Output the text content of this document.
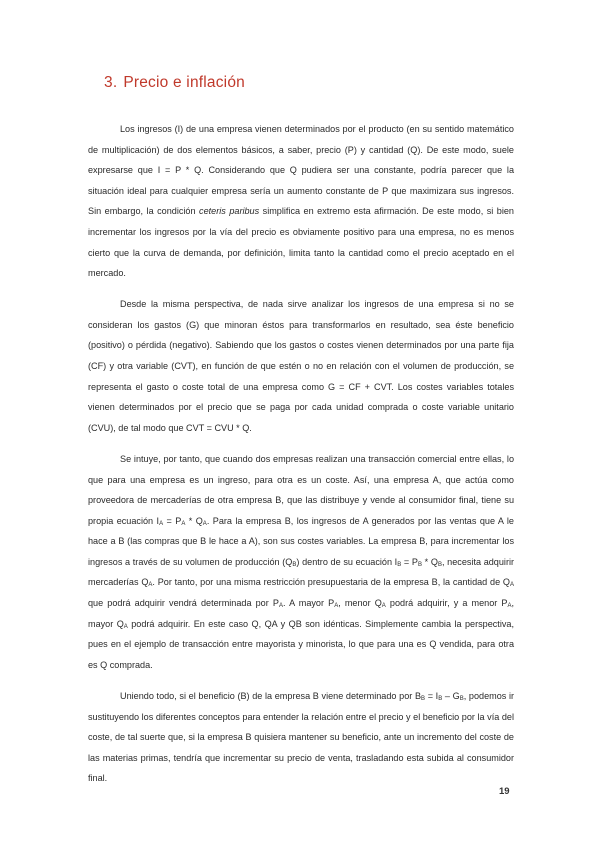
3. Precio e inflación

Los ingresos (I) de una empresa vienen determinados por el producto (en su sentido matemático de multiplicación) de dos elementos básicos, a saber, precio (P) y cantidad (Q). De este modo, suele expresarse que I = P * Q. Considerando que Q pudiera ser una constante, podría parecer que la situación ideal para cualquier empresa sería un aumento constante de P que maximizara sus ingresos. Sin embargo, la condición ceteris paribus simplifica en extremo esta afirmación. De este modo, si bien incrementar los ingresos por la vía del precio es obviamente positivo para una empresa, no es menos cierto que la curva de demanda, por definición, limita tanto la cantidad como el precio aceptado en el mercado.

Desde la misma perspectiva, de nada sirve analizar los ingresos de una empresa si no se consideran los gastos (G) que minoran éstos para transformarlos en resultado, sea éste beneficio (positivo) o pérdida (negativo). Sabiendo que los gastos o costes vienen determinados por una parte fija (CF) y otra variable (CVT), en función de que estén o no en relación con el volumen de producción, se representa el gasto o coste total de una empresa como G = CF + CVT. Los costes variables totales vienen determinados por el precio que se paga por cada unidad comprada o coste variable unitario (CVU), de tal modo que CVT = CVU * Q.

Se intuye, por tanto, que cuando dos empresas realizan una transacción comercial entre ellas, lo que para una empresa es un ingreso, para otra es un coste. Así, una empresa A, que actúa como proveedora de mercaderías de otra empresa B, que las distribuye y vende al consumidor final, tiene su propia ecuación $I_A = P_A * Q_A$. Para la empresa B, los ingresos de A generados por las ventas que A le hace a B (las compras que B le hace a A), son sus costes variables. La empresa B, para incrementar los ingresos a través de su volumen de producción $(Q_B)$ dentro de su ecuación $I_B = P_B * Q_B$, necesita adquirir mercaderías $Q_A$. Por tanto, por una misma restricción presupuestaria de la empresa B, la cantidad de $Q_A$ que podrá adquirir vendrá determinada por $P_A$. A mayor $P_A$, menor $Q_A$ podrá adquirir, y a menor $P_A$, mayor $Q_A$ podrá adquirir. En este caso Q, QA y QB son idénticas. Simplemente cambia la perspectiva, pues en el ejemplo de transacción entre mayorista y minorista, lo que para una es Q vendida, para otra es Q comprada.

Uniendo todo, si el beneficio (B) de la empresa B viene determinado por $B_B = I_B - G_B$, podemos ir sustituyendo los diferentes conceptos para entender la relación entre el precio y el beneficio por la vía del coste, de tal suerte que, si la empresa B quisiera mantener su beneficio, ante un incremento del coste de las materias primas, tendría que incrementar su precio de venta, trasladando esta subida al consumidor final.

19
